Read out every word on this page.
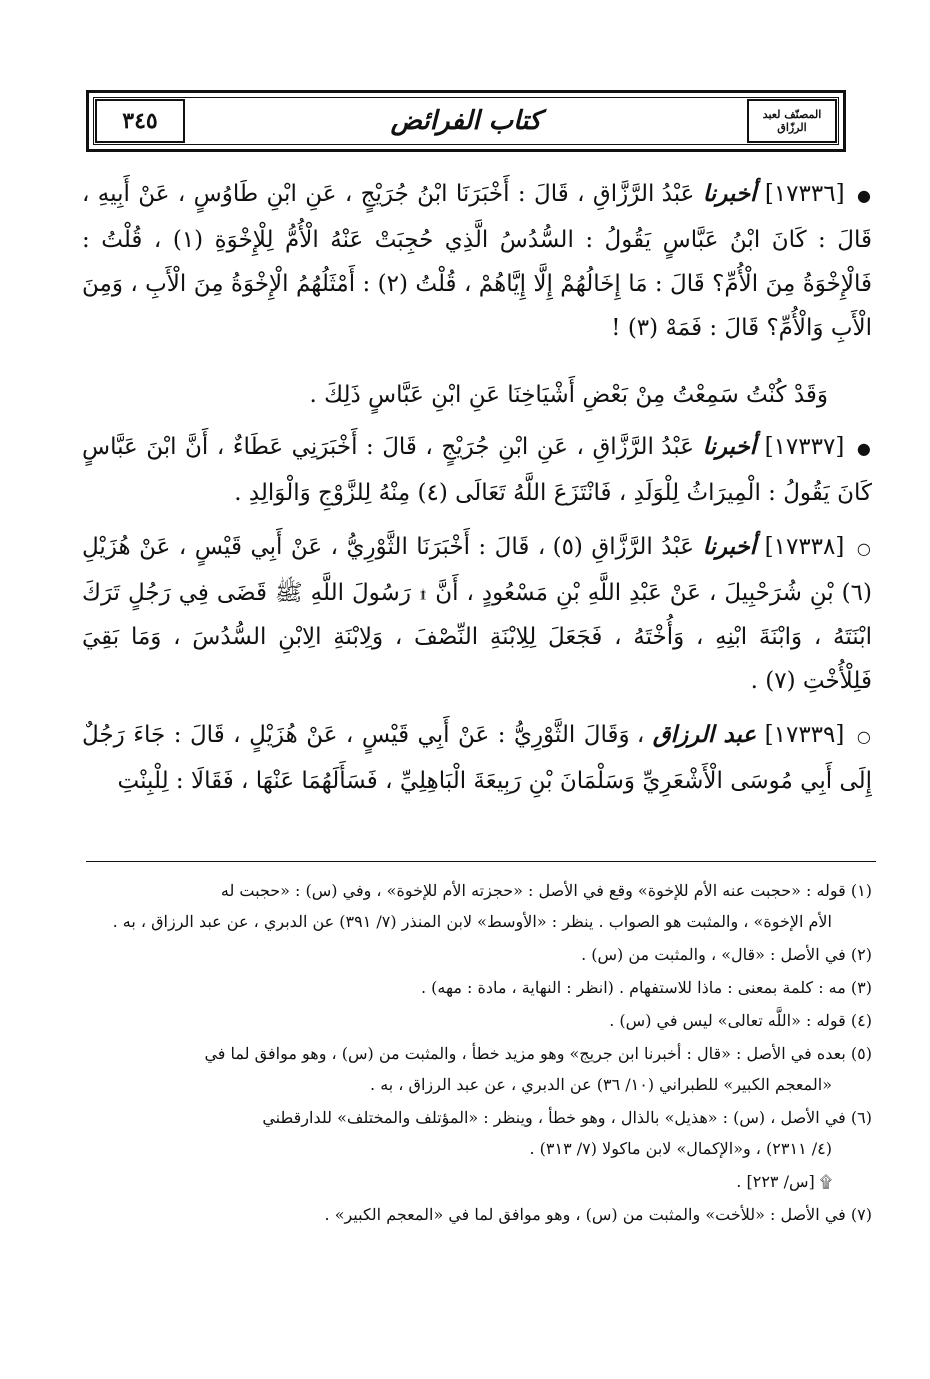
٣٤٥	كتاب الفرائض	المصنّف لعبد الرزّاق

● [١٧٣٣٦] أخبرنا عَبْدُ الرَّزَّاقِ ، قَالَ : أَخْبَرَنَا ابْنُ جُرَيْجٍ ، عَنِ ابْنِ طَاوُسٍ ، عَنْ أَبِيهِ ، قَالَ : كَانَ ابْنُ عَبَّاسٍ يَقُولُ : السُّدُسُ الَّذِي حُجِبَتْ عَنْهُ الْأُمُّ لِلْإِخْوَةِ (١) ، قُلْتُ : فَالْإِخْوَةُ مِنَ الْأُمِّ؟ قَالَ : مَا إِخَالُهُمْ إِلَّا إِيَّاهُمْ ، قُلْتُ (٢) : أَمْثَلُهُمُ الْإِخْوَةُ مِنَ الْأَبِ ، وَمِنَ الْأَبِ وَالْأُمِّ؟ قَالَ : فَمَهْ (٣) !

وَقَدْ كُنْتُ سَمِعْتُ مِنْ بَعْضِ أَشْيَاخِنَا عَنِ ابْنِ عَبَّاسٍ ذَلِكَ .

● [١٧٣٣٧] أخبرنا عَبْدُ الرَّزَّاقِ ، عَنِ ابْنِ جُرَيْجٍ ، قَالَ : أَخْبَرَنِي عَطَاءٌ ، أَنَّ ابْنَ عَبَّاسٍ كَانَ يَقُولُ : الْمِيرَاثُ لِلْوَلَدِ ، فَانْتَزَعَ اللَّهُ تَعَالَى (٤) مِنْهُ لِلزَّوْجِ وَالْوَالِدِ .

○ [١٧٣٣٨] أخبرنا عَبْدُ الرَّزَّاقِ (٥) ، قَالَ : أَخْبَرَنَا الثَّوْرِيُّ ، عَنْ أَبِي قَيْسٍ ، عَنْ هُزَيْلِ (٦) بْنِ شُرَحْبِيلَ ، عَنْ عَبْدِ اللَّهِ بْنِ مَسْعُودٍ ، أَنَّ ۩ رَسُولَ اللَّهِ ﷺ قَضَى فِي رَجُلٍ تَرَكَ ابْنَتَهُ ، وَابْنَةَ ابْنِهِ ، وَأُخْتَهُ ، فَجَعَلَ لِلِابْنَةِ النِّصْفَ ، وَلِابْنَةِ الِابْنِ السُّدُسَ ، وَمَا بَقِيَ فَلِلْأُخْتِ (٧) .

○ [١٧٣٣٩] عبد الرزاق ، وَقَالَ الثَّوْرِيُّ : عَنْ أَبِي قَيْسٍ ، عَنْ هُزَيْلٍ ، قَالَ : جَاءَ رَجُلٌ إِلَى أَبِي مُوسَى الْأَشْعَرِيِّ وَسَلْمَانَ بْنِ رَبِيعَةَ الْبَاهِلِيِّ ، فَسَأَلَهُمَا عَنْهَا ، فَقَالَا : لِلْبِنْتِ

(١) قوله : «حجبت عنه الأم للإخوة» وقع في الأصل : «حجزته الأم للإخوة» ، وفي (س) : «حجبت له
الأم الإخوة» ، والمثبت هو الصواب . ينظر : «الأوسط» لابن المنذر (٧/ ٣٩١) عن الدبري ، عن عبد الرزاق ، به .
(٢) في الأصل : «قال» ، والمثبت من (س) .
(٣) مه : كلمة بمعنى : ماذا للاستفهام . (انظر : النهاية ، مادة : مهه) .
(٤) قوله : «اللَّه تعالى» ليس في (س) .
(٥) بعده في الأصل : «قال : أخبرنا ابن جريج» وهو مزيد خطأ ، والمثبت من (س) ، وهو موافق لما في
«المعجم الكبير» للطبراني (١٠/ ٣٦) عن الدبري ، عن عبد الرزاق ، به .
(٦) في الأصل ، (س) : «هذيل» بالذال ، وهو خطأ ، وينظر : «المؤتلف والمختلف» للدارقطني
(٤/ ٢٣١١) ، و«الإكمال» لابن ماكولا (٧/ ٣١٣) .
۩ [س/ ٢٢٣] .
(٧) في الأصل : «للأخت» والمثبت من (س) ، وهو موافق لما في «المعجم الكبير» .
